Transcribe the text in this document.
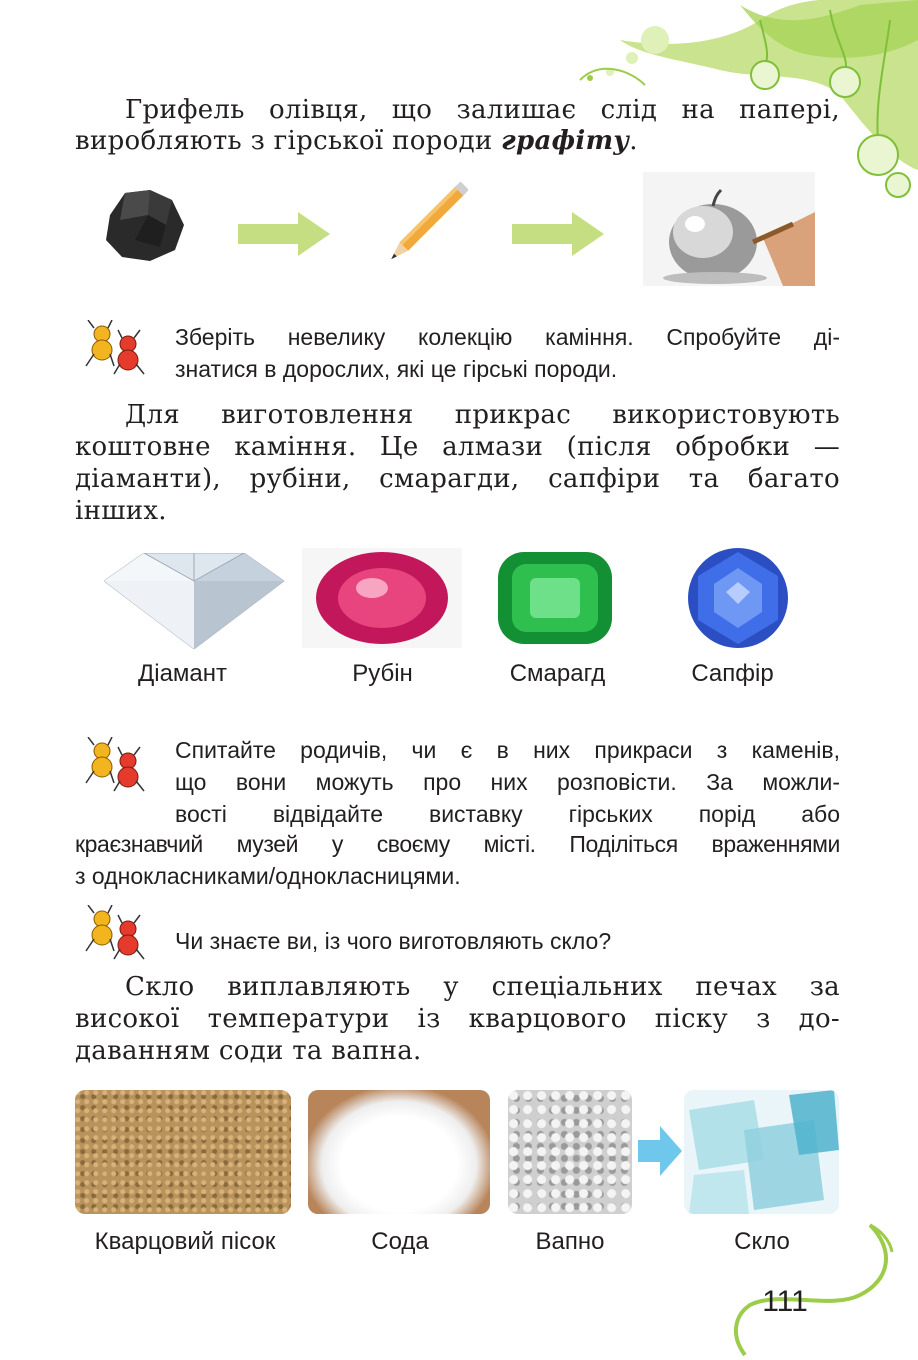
Грифель олівця, що залишає слід на папері,
виробляють з гірської породи графіту.
Зберіть невелику колекцію каміння. Спробуйте ді-
знатися в дорослих, які це гірські породи.
Для виготовлення прикрас використовують
коштовне каміння. Це алмази (після обробки —
діаманти), рубіни, смарагди, сапфіри та багато
інших.
Діамант	Рубін	Смарагд	Сапфір
Спитайте родичів, чи є в них прикраси з каменів,
що вони можуть про них розповісти. За можли-
вості відвідайте виставку гірських порід або
краєзнавчий музей у своєму місті. Поділіться враженнями
з однокласниками/однокласницями.
Чи знаєте ви, із чого виготовляють скло?
Скло виплавляють у спеціальних печах за
високої температури із кварцового піску з до-
даванням соди та вапна.
Кварцовий пісок	Сода	Вапно	Скло
111
